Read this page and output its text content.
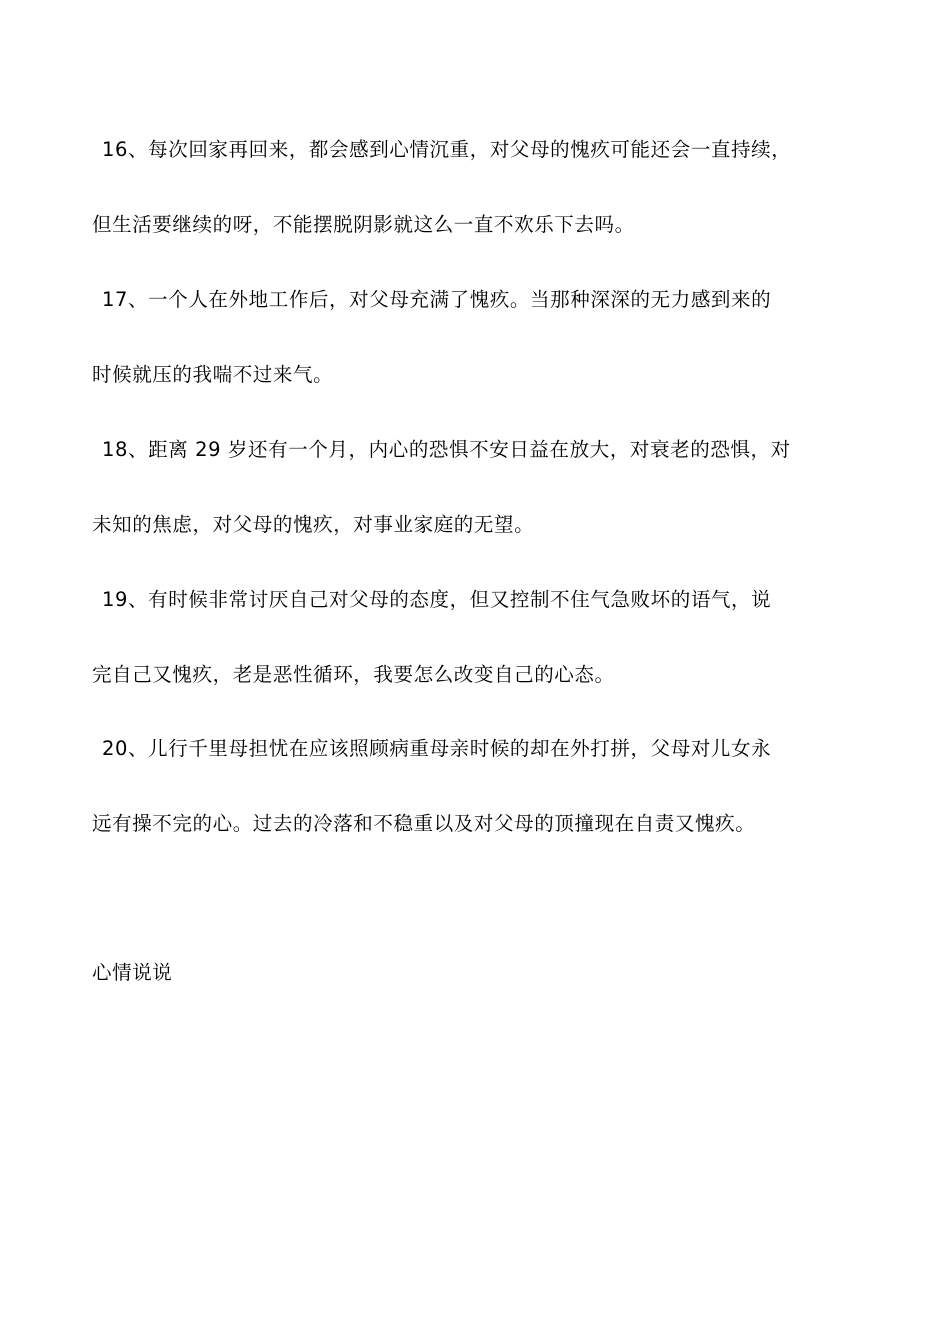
16、每次回家再回来，都会感到心情沉重，对父母的愧疚可能还会一直持续，
但生活要继续的呀，不能摆脱阴影就这么一直不欢乐下去吗。
17、一个人在外地工作后，对父母充满了愧疚。当那种深深的无力感到来的
时候就压的我喘不过来气。
18、距离 29 岁还有一个月，内心的恐惧不安日益在放大，对衰老的恐惧，对
未知的焦虑，对父母的愧疚，对事业家庭的无望。
19、有时候非常讨厌自己对父母的态度，但又控制不住气急败坏的语气，说
完自己又愧疚，老是恶性循环，我要怎么改变自己的心态。
20、儿行千里母担忧在应该照顾病重母亲时候的却在外打拼，父母对儿女永
远有操不完的心。过去的冷落和不稳重以及对父母的顶撞现在自责又愧疚。
心情说说
